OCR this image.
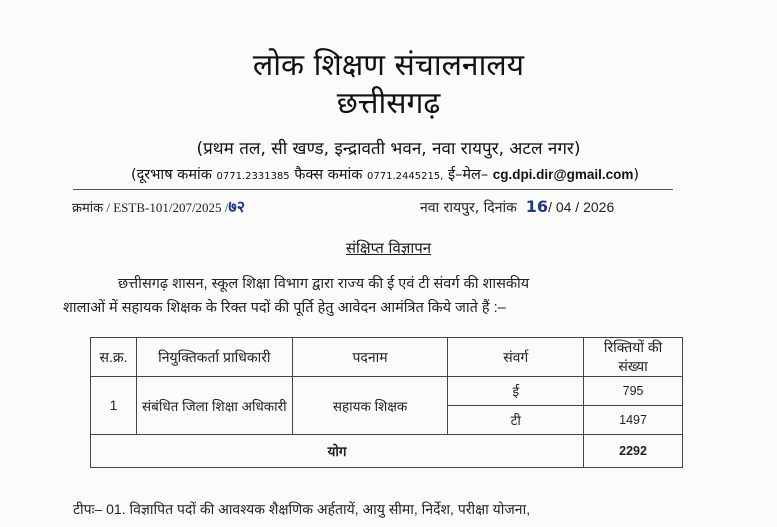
लोक शिक्षण संचालनालय
छत्तीसगढ़
(प्रथम तल, सी खण्ड, इन्द्रावती भवन, नवा रायपुर, अटल नगर)
(दूरभाष कमांक 0771.2331385 फैक्स कमांक 0771.2445215, ई–मेल– cg.dpi.dir@gmail.com)
क्रमांक / ESTB-101/207/2025 /७२	नवा रायपुर, दिनांक 16/ 04 / 2026
संक्षिप्त विज्ञापन
छत्तीसगढ़ शासन, स्कूल शिक्षा विभाग द्वारा राज्य की ई एवं टी संवर्ग की शासकीय
शालाओं में सहायक शिक्षक के रिक्त पदों की पूर्ति हेतु आवेदन आमंत्रित किये जाते हैं :–
स.क्र.	नियुक्तिकर्ता प्राधिकारी	पदनाम	संवर्ग	रिक्तियों की संख्या
1	संबंधित जिला शिक्षा अधिकारी	सहायक शिक्षक	ई	795
			टी	1497
योग				2292
टीपः– 01. विज्ञापित पदों की आवश्यक शैक्षणिक अर्हतायें, आयु सीमा, निर्देश, परीक्षा योजना,
